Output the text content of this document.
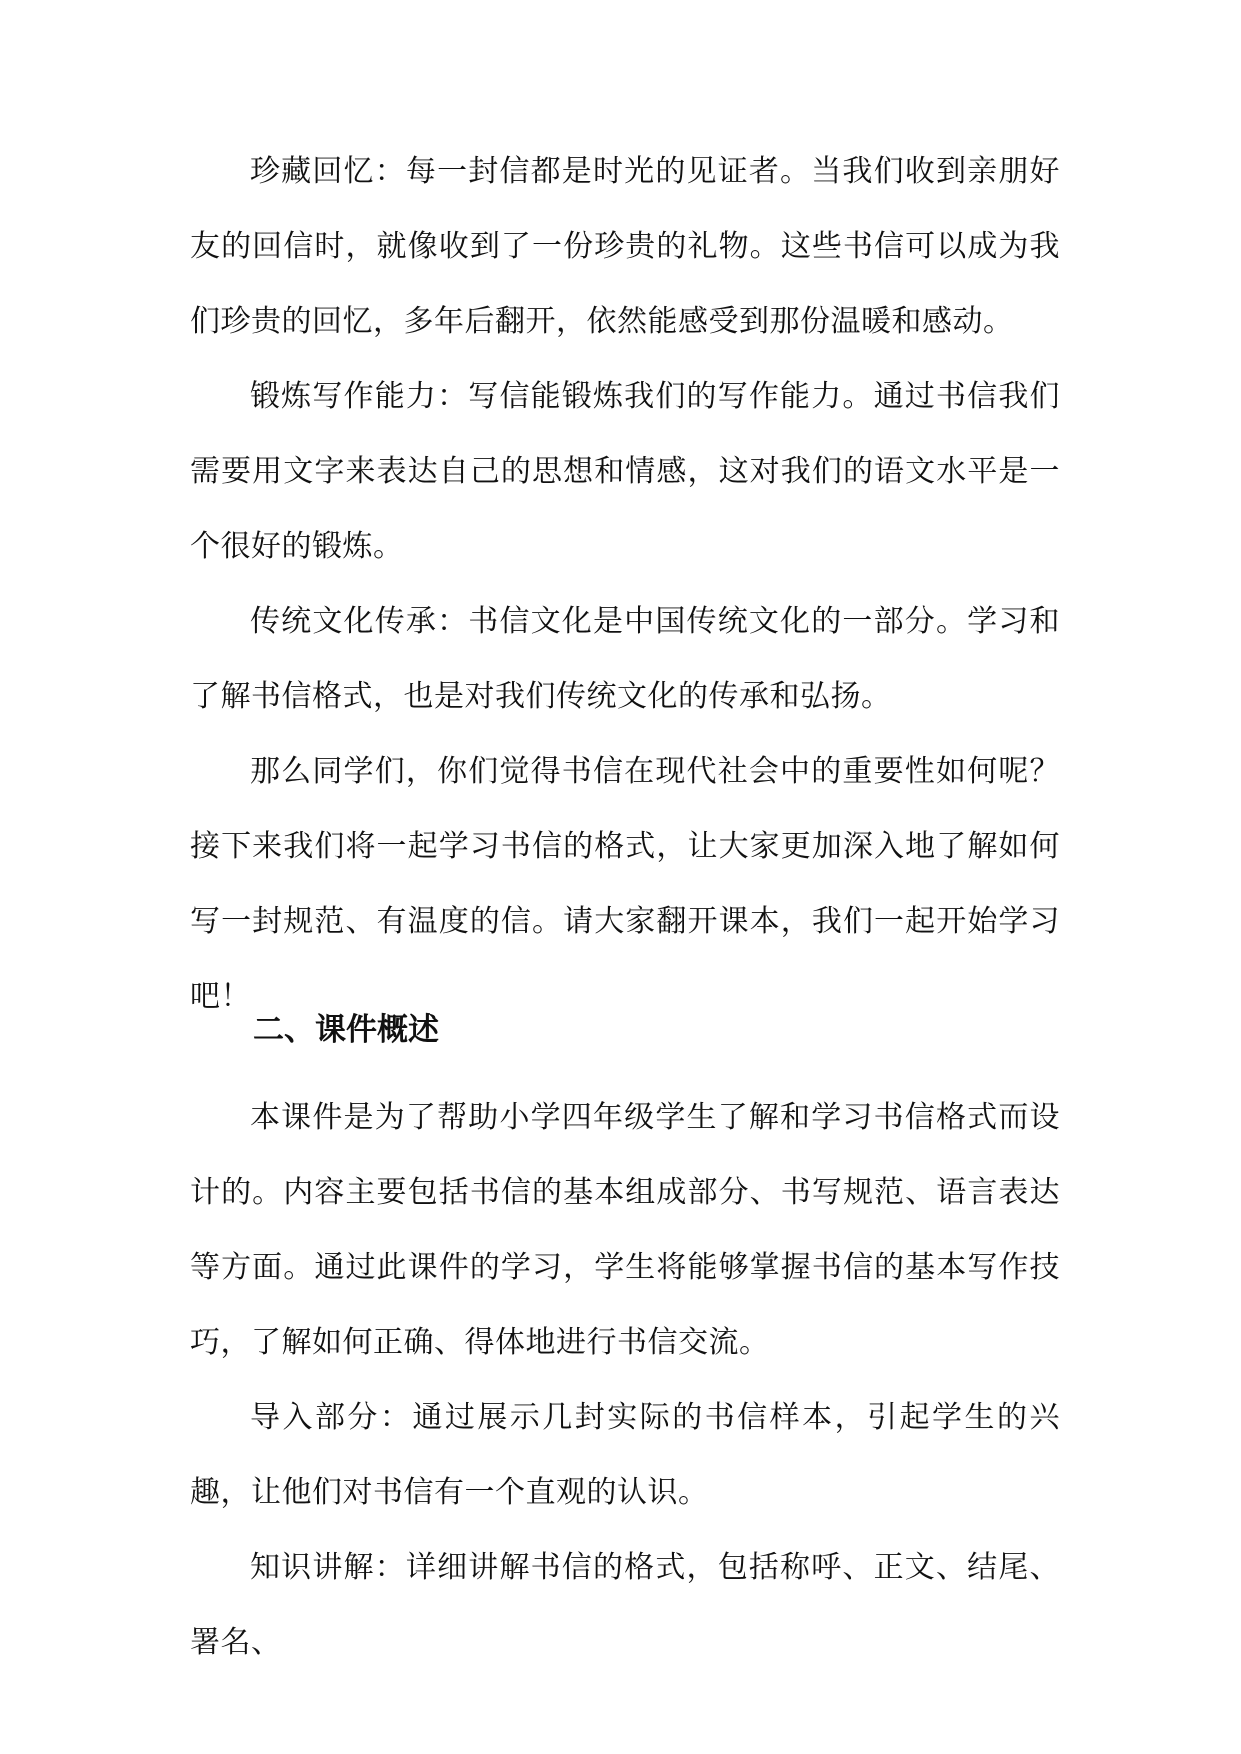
珍藏回忆：每一封信都是时光的见证者。当我们收到亲朋好友的回信时，就像收到了一份珍贵的礼物。这些书信可以成为我们珍贵的回忆，多年后翻开，依然能感受到那份温暖和感动。

锻炼写作能力：写信能锻炼我们的写作能力。通过书信我们需要用文字来表达自己的思想和情感，这对我们的语文水平是一个很好的锻炼。

传统文化传承：书信文化是中国传统文化的一部分。学习和了解书信格式，也是对我们传统文化的传承和弘扬。

那么同学们，你们觉得书信在现代社会中的重要性如何呢？接下来我们将一起学习书信的格式，让大家更加深入地了解如何写一封规范、有温度的信。请大家翻开课本，我们一起开始学习吧！

二、课件概述

本课件是为了帮助小学四年级学生了解和学习书信格式而设计的。内容主要包括书信的基本组成部分、书写规范、语言表达等方面。通过此课件的学习，学生将能够掌握书信的基本写作技巧，了解如何正确、得体地进行书信交流。

导入部分：通过展示几封实际的书信样本，引起学生的兴趣，让他们对书信有一个直观的认识。

知识讲解：详细讲解书信的格式，包括称呼、正文、结尾、署名、
